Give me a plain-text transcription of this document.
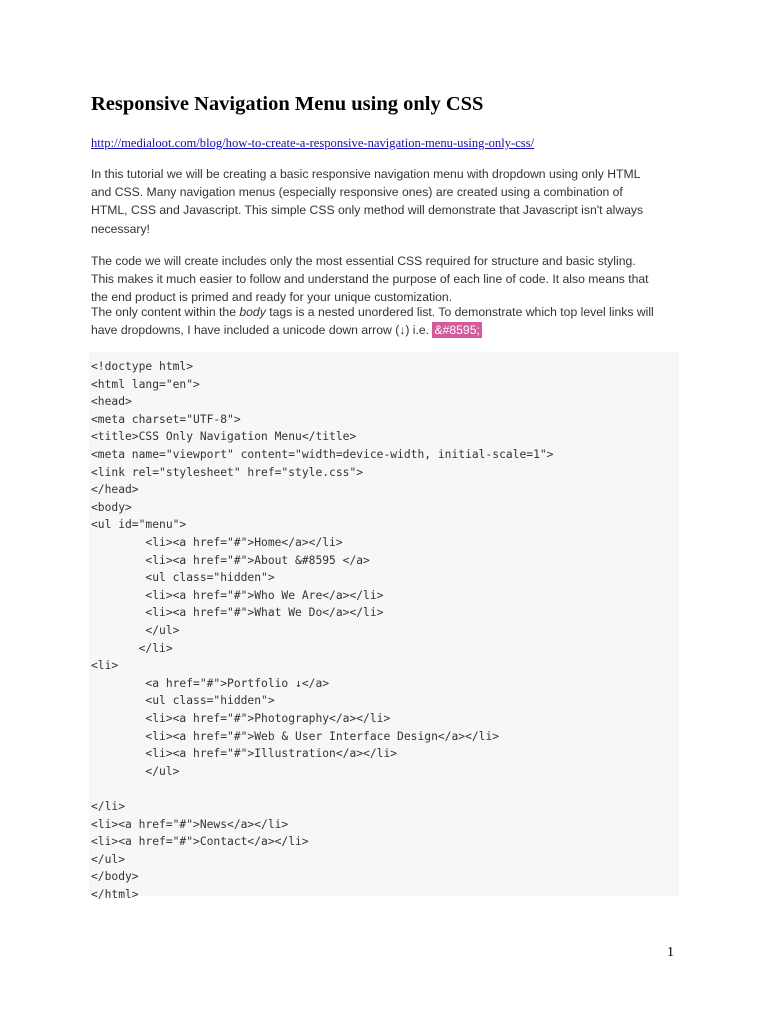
Responsive Navigation Menu using only CSS
http://medialoot.com/blog/how-to-create-a-responsive-navigation-menu-using-only-css/

In this tutorial we will be creating a basic responsive navigation menu with dropdown using only HTML
and CSS. Many navigation menus (especially responsive ones) are created using a combination of
HTML, CSS and Javascript. This simple CSS only method will demonstrate that Javascript isn't always
necessary!

The code we will create includes only the most essential CSS required for structure and basic styling.
This makes it much easier to follow and understand the purpose of each line of code. It also means that
the end product is primed and ready for your unique customization.

The only content within the body tags is a nested unordered list. To demonstrate which top level links will
have dropdowns, I have included a unicode down arrow (↓) i.e. &#8595;

<!doctype html>
<html lang="en">
<head>
<meta charset="UTF-8">
<title>CSS Only Navigation Menu</title>
<meta name="viewport" content="width=device-width, initial-scale=1">
<link rel="stylesheet" href="style.css">
</head>
<body>
<ul id="menu">
<li><a href="#">Home</a></li>
<li><a href="#">About &#8595 </a>
<ul class="hidden">
<li><a href="#">Who We Are</a></li>
<li><a href="#">What We Do</a></li>
</ul>
</li>
<li>
<a href="#">Portfolio ↓</a>
<ul class="hidden">
<li><a href="#">Photography</a></li>
<li><a href="#">Web & User Interface Design</a></li>
<li><a href="#">Illustration</a></li>
</ul>
</li>
<li><a href="#">News</a></li>
<li><a href="#">Contact</a></li>
</ul>
</body>
</html>
1
